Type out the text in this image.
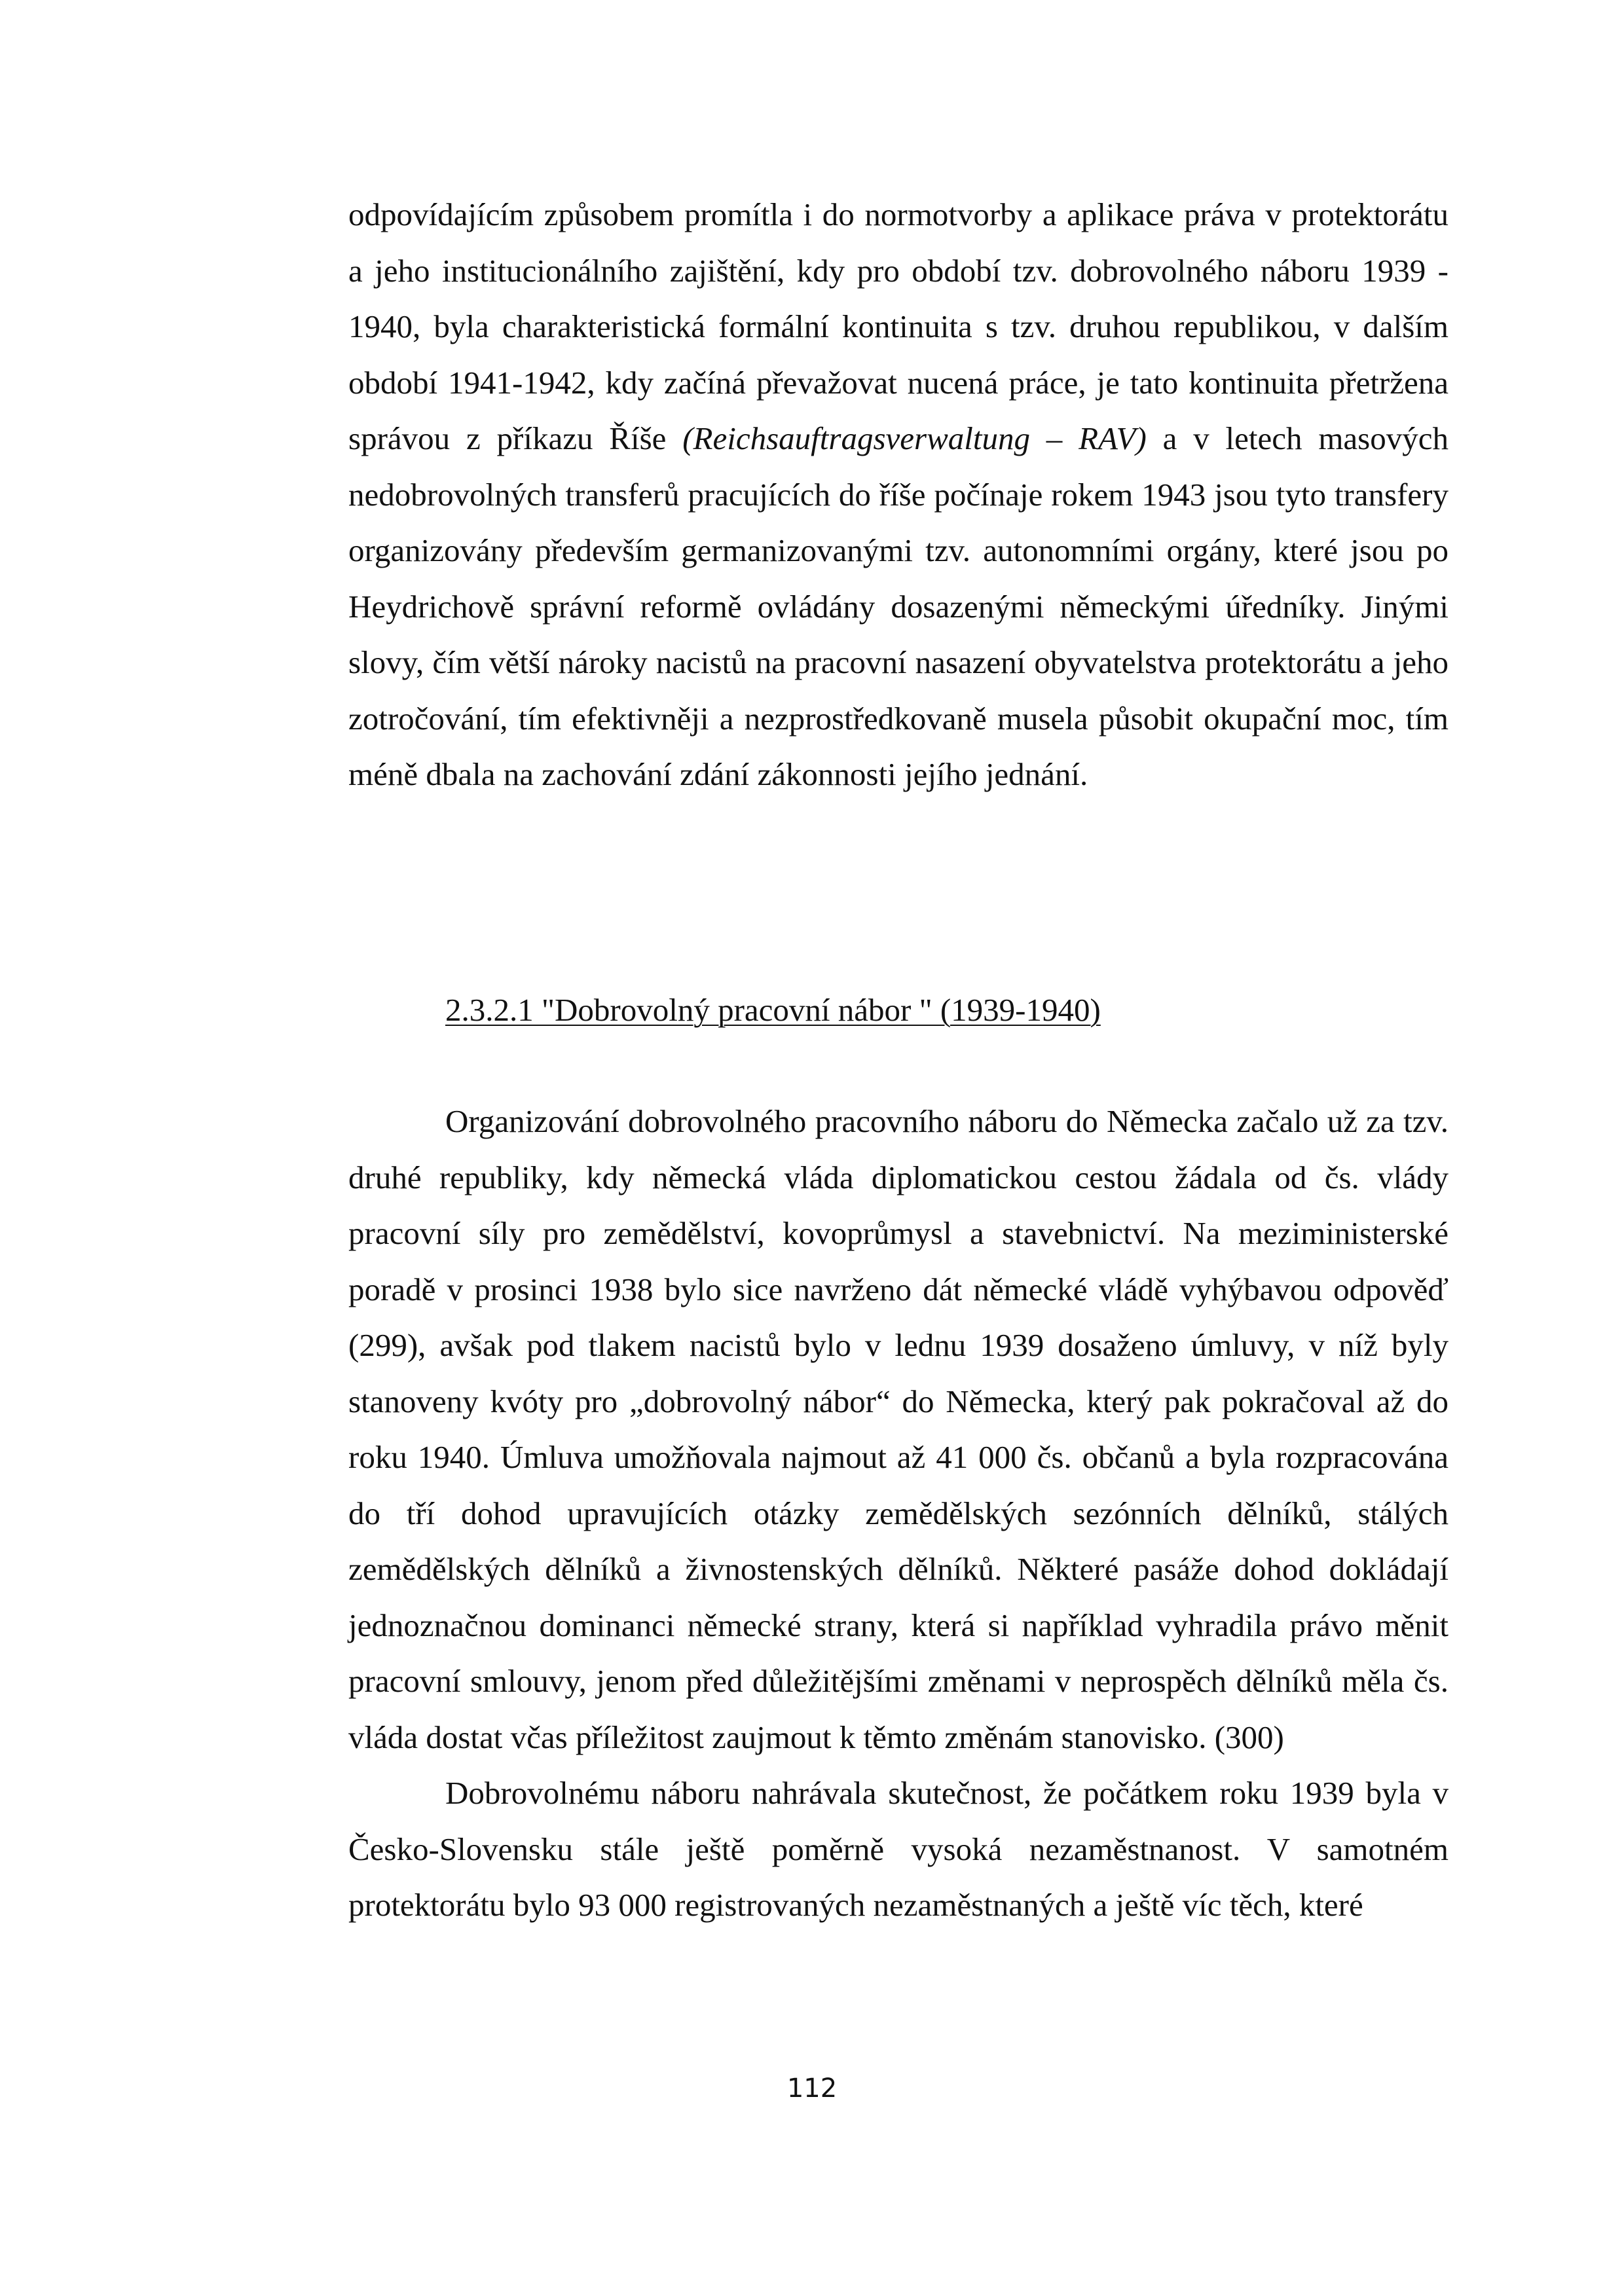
odpovídajícím způsobem promítla i do normotvorby a aplikace práva v protektorátu a jeho institucionálního zajištění, kdy pro období tzv. dobrovolného náboru 1939 - 1940, byla charakteristická formální kontinuita s tzv. druhou republikou, v dalším období 1941-1942, kdy začíná převažovat nucená práce, je tato kontinuita přetržena správou z příkazu Říše (Reichsauftragsverwaltung – RAV) a v letech masových nedobrovolných transferů pracujících do říše počínaje rokem 1943 jsou tyto transfery organizovány především germanizovanými tzv. autonomními orgány, které jsou po Heydrichově správní reformě ovládány dosazenými německými úředníky. Jinými slovy, čím větší nároky nacistů na pracovní nasazení obyvatelstva protektorátu a jeho zotročování, tím efektivněji a nezprostředkovaně musela působit okupační moc, tím méně dbala na zachování zdání zákonnosti jejího jednání.

2.3.2.1 "Dobrovolný pracovní nábor " (1939-1940)

Organizování dobrovolného pracovního náboru do Německa začalo už za tzv. druhé republiky, kdy německá vláda diplomatickou cestou žádala od čs. vlády pracovní síly pro zemědělství, kovoprůmysl a stavebnictví. Na meziministerské poradě v prosinci 1938 bylo sice navrženo dát německé vládě vyhýbavou odpověď (299), avšak pod tlakem nacistů bylo v lednu 1939 dosaženo úmluvy, v níž byly stanoveny kvóty pro „dobrovolný nábor“ do Německa, který pak pokračoval až do roku 1940. Úmluva umožňovala najmout až 41 000 čs. občanů a byla rozpracována do tří dohod upravujících otázky zemědělských sezónních dělníků, stálých zemědělských dělníků a živnostenských dělníků. Některé pasáže dohod dokládají jednoznačnou dominanci německé strany, která si například vyhradila právo měnit pracovní smlouvy, jenom před důležitějšími změnami v neprospěch dělníků měla čs. vláda dostat včas příležitost zaujmout k těmto změnám stanovisko. (300)

Dobrovolnému náboru nahrávala skutečnost, že počátkem roku 1939 byla v Česko-Slovensku stále ještě poměrně vysoká nezaměstnanost. V samotném protektorátu bylo 93 000 registrovaných nezaměstnaných a ještě víc těch, které

112
